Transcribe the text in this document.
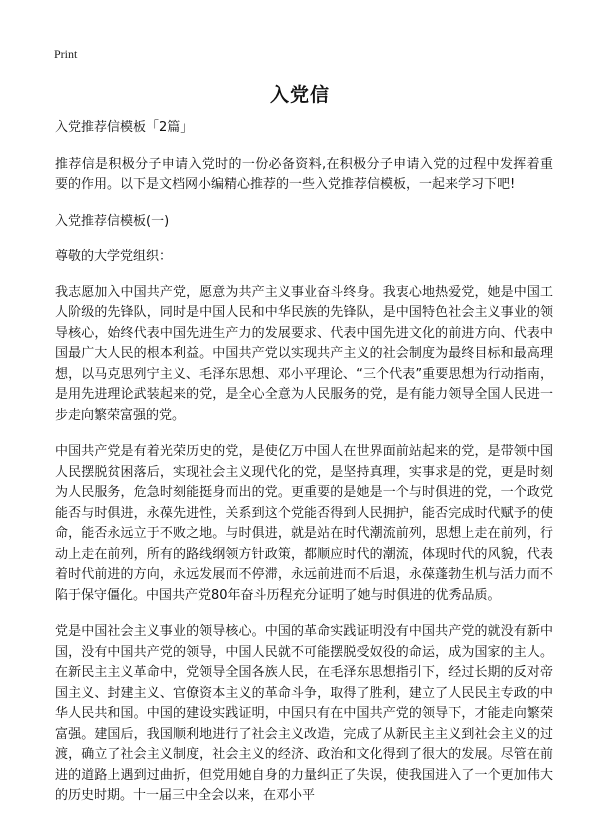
Print
入党信

入党推荐信模板「2篇」

推荐信是积极分子申请入党时的一份必备资料,在积极分子申请入党的过程中发挥着重要的作用。以下是文档网小编精心推荐的一些入党推荐信模板，一起来学习下吧!

入党推荐信模板(一)

尊敬的大学党组织：

我志愿加入中国共产党，愿意为共产主义事业奋斗终身。我衷心地热爱党，她是中国工人阶级的先锋队，同时是中国人民和中华民族的先锋队，是中国特色社会主义事业的领导核心，始终代表中国先进生产力的发展要求、代表中国先进文化的前进方向、代表中国最广大人民的根本利益。中国共产党以实现共产主义的社会制度为最终目标和最高理想，以马克思列宁主义、毛泽东思想、邓小平理论、“三个代表”重要思想为行动指南，是用先进理论武装起来的党，是全心全意为人民服务的党，是有能力领导全国人民进一步走向繁荣富强的党。

中国共产党是有着光荣历史的党，是使亿万中国人在世界面前站起来的党，是带领中国人民摆脱贫困落后，实现社会主义现代化的党，是坚持真理，实事求是的党，更是时刻为人民服务，危急时刻能挺身而出的党。更重要的是她是一个与时俱进的党，一个政党能否与时俱进，永葆先进性，关系到这个党能否得到人民拥护，能否完成时代赋予的使命，能否永远立于不败之地。与时俱进，就是站在时代潮流前列，思想上走在前列，行动上走在前列，所有的路线纲领方针政策，都顺应时代的潮流，体现时代的风貌，代表着时代前进的方向，永远发展而不停滞，永远前进而不后退，永葆蓬勃生机与活力而不陷于保守僵化。中国共产党80年奋斗历程充分证明了她与时俱进的优秀品质。

党是中国社会主义事业的领导核心。中国的革命实践证明没有中国共产党的就没有新中国，没有中国共产党的领导，中国人民就不可能摆脱受奴役的命运，成为国家的主人。在新民主主义革命中，党领导全国各族人民，在毛泽东思想指引下，经过长期的反对帝国主义、封建主义、官僚资本主义的革命斗争，取得了胜利，建立了人民民主专政的中华人民共和国。中国的建设实践证明，中国只有在中国共产党的领导下，才能走向繁荣富强。建国后，我国顺利地进行了社会主义改造，完成了从新民主主义到社会主义的过渡，确立了社会主义制度，社会主义的经济、政治和文化得到了很大的发展。尽管在前进的道路上遇到过曲折，但党用她自身的力量纠正了失误，使我国进入了一个更加伟大的历史时期。十一届三中全会以来，在邓小平
